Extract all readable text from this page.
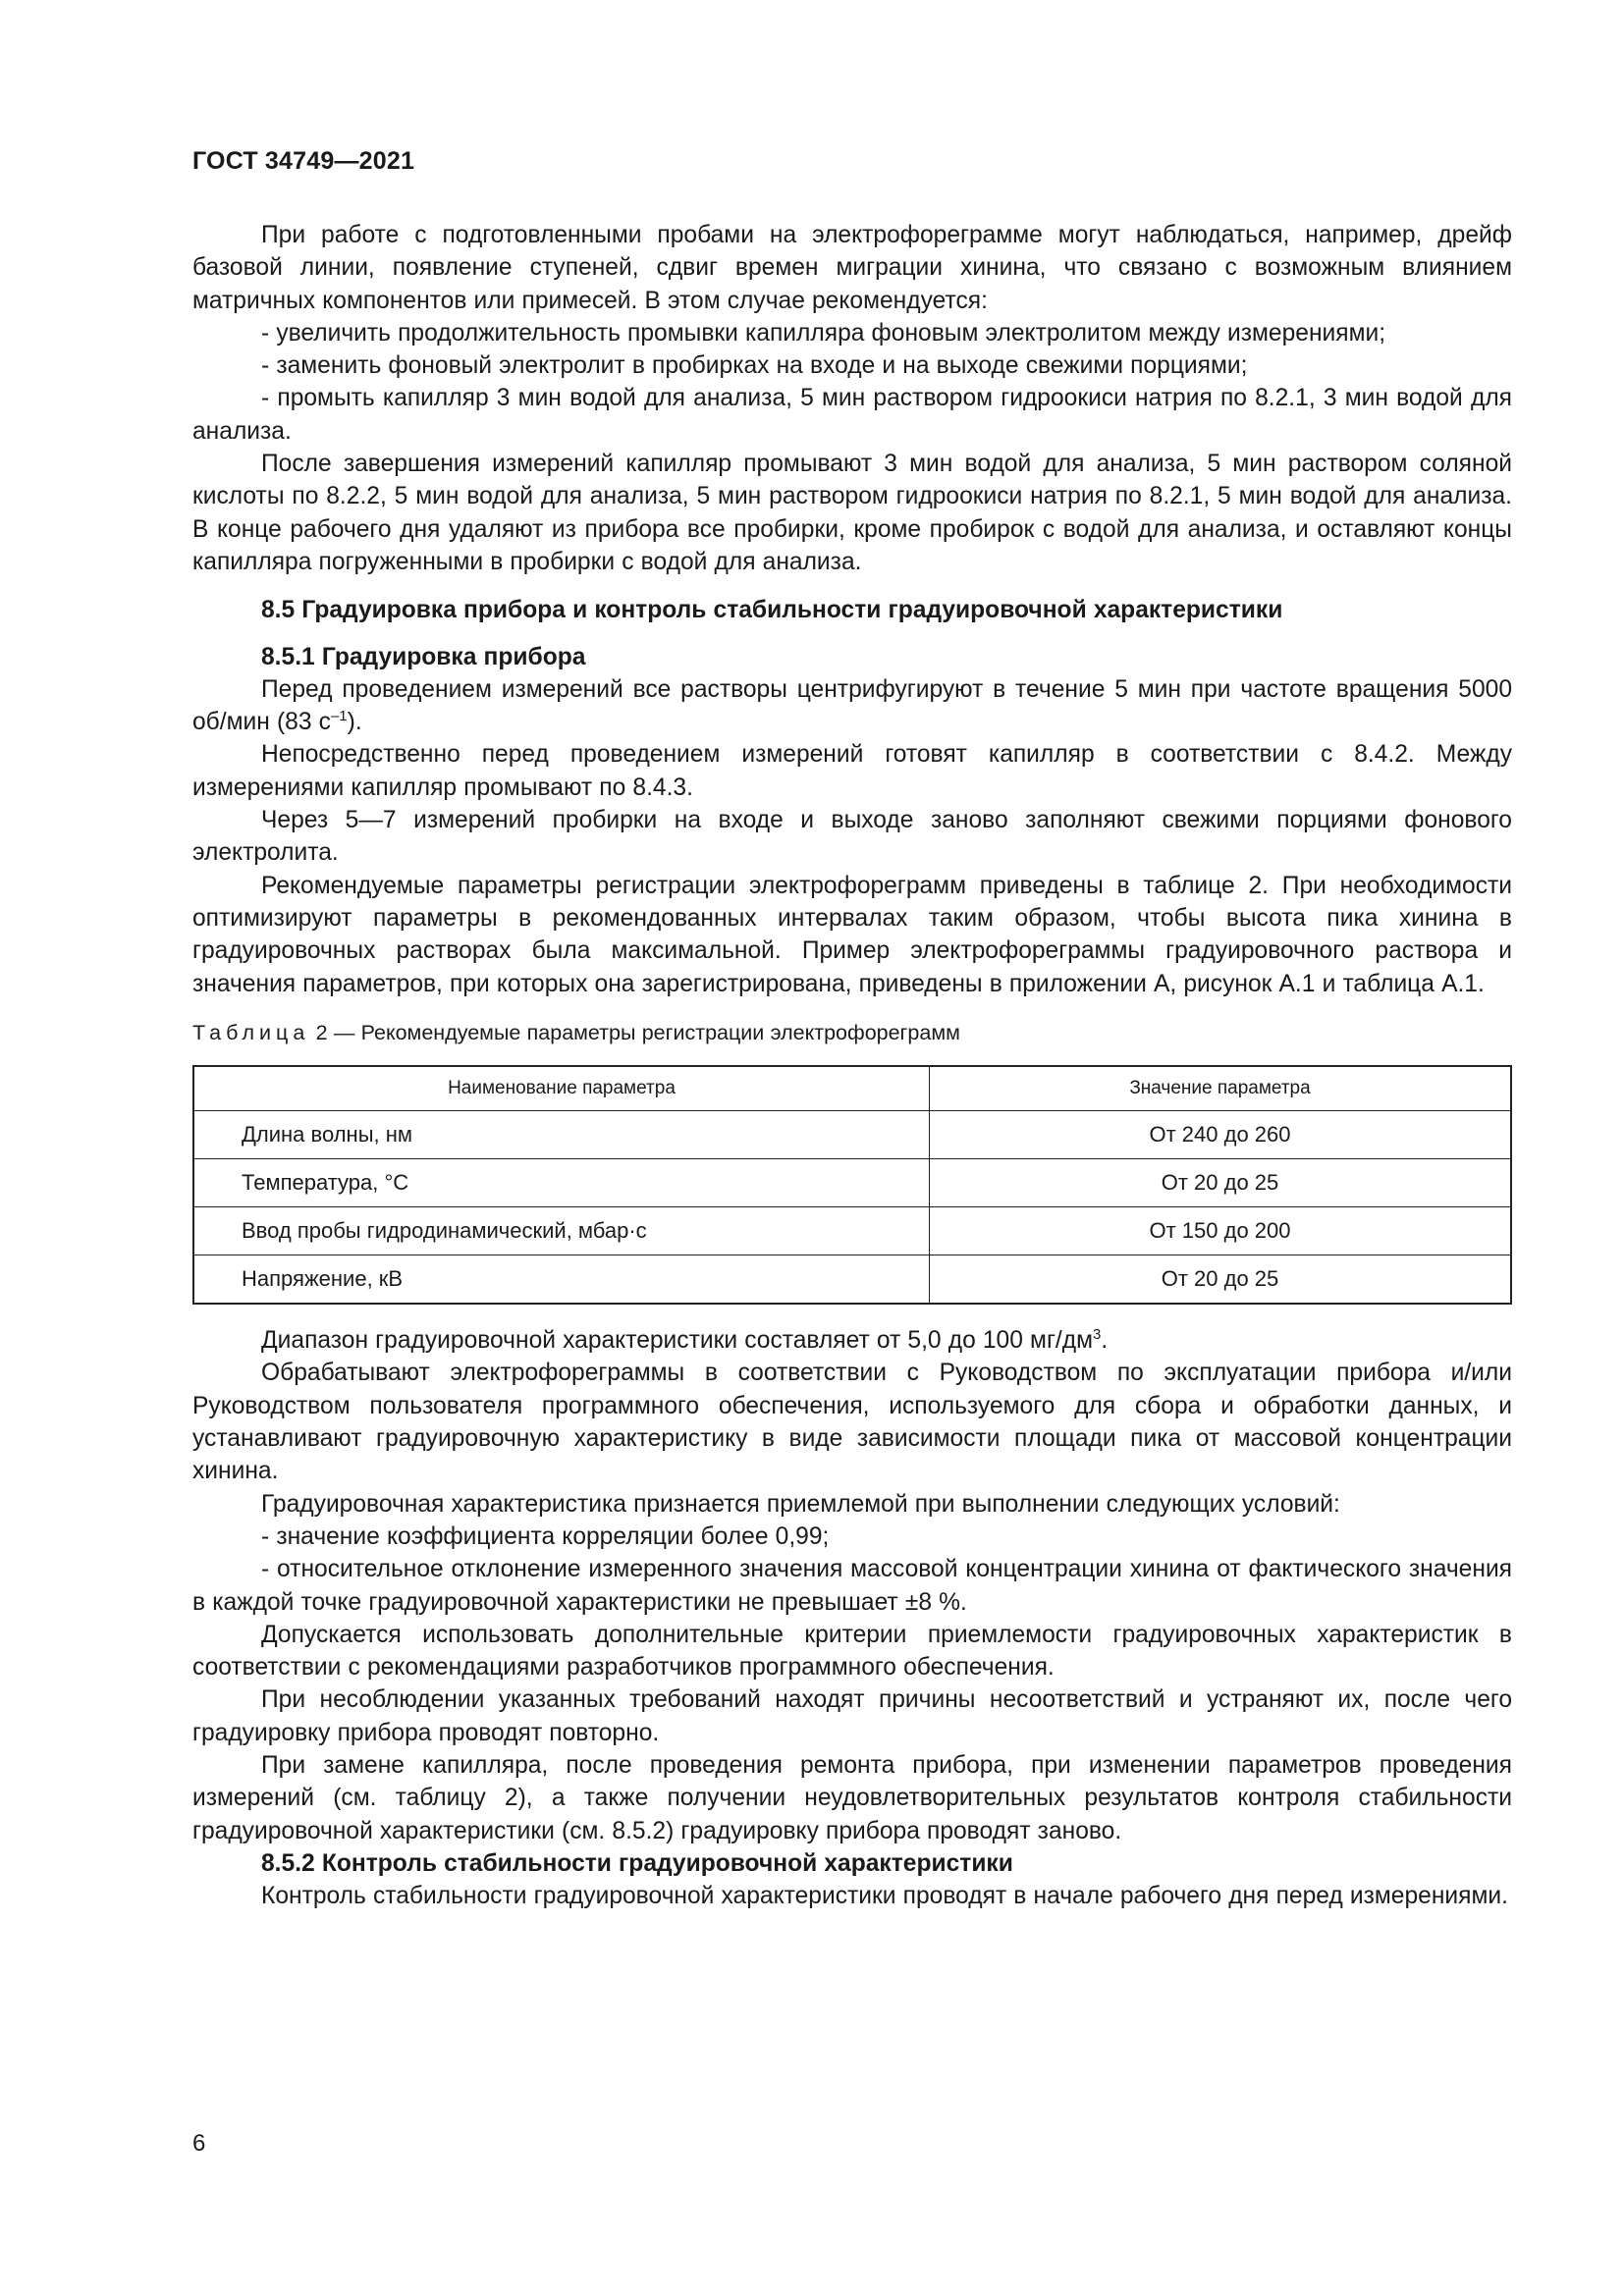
ГОСТ 34749—2021

При работе с подготовленными пробами на электрофореграмме могут наблюдаться, например, дрейф базовой линии, появление ступеней, сдвиг времен миграции хинина, что связано с возможным влиянием матричных компонентов или примесей. В этом случае рекомендуется:

- увеличить продолжительность промывки капилляра фоновым электролитом между измерениями;

- заменить фоновый электролит в пробирках на входе и на выходе свежими порциями;

- промыть капилляр 3 мин водой для анализа, 5 мин раствором гидроокиси натрия по 8.2.1, 3 мин водой для анализа.

После завершения измерений капилляр промывают 3 мин водой для анализа, 5 мин раствором соляной кислоты по 8.2.2, 5 мин водой для анализа, 5 мин раствором гидроокиси натрия по 8.2.1, 5 мин водой для анализа. В конце рабочего дня удаляют из прибора все пробирки, кроме пробирок с водой для анализа, и оставляют концы капилляра погруженными в пробирки с водой для анализа.

8.5 Градуировка прибора и контроль стабильности градуировочной характеристики

8.5.1 Градуировка прибора

Перед проведением измерений все растворы центрифугируют в течение 5 мин при частоте вращения 5000 об/мин (83 $с^{-1}$).

Непосредственно перед проведением измерений готовят капилляр в соответствии с 8.4.2. Между измерениями капилляр промывают по 8.4.3.

Через 5—7 измерений пробирки на входе и выходе заново заполняют свежими порциями фонового электролита.

Рекомендуемые параметры регистрации электрофореграмм приведены в таблице 2. При необходимости оптимизируют параметры в рекомендованных интервалах таким образом, чтобы высота пика хинина в градуировочных растворах была максимальной. Пример электрофореграммы градуировочного раствора и значения параметров, при которых она зарегистрирована, приведены в приложении А, рисунок А.1 и таблица А.1.

Таблица 2 — Рекомендуемые параметры регистрации электрофореграмм

Наименование параметра	Значение параметра
Длина волны, нм	От 240 до 260
Температура, °С	От 20 до 25
Ввод пробы гидродинамический, мбар·с	От 150 до 200
Напряжение, кВ	От 20 до 25

Диапазон градуировочной характеристики составляет от 5,0 до 100 $мг/дм^3$.

Обрабатывают электрофореграммы в соответствии с Руководством по эксплуатации прибора и/или Руководством пользователя программного обеспечения, используемого для сбора и обработки данных, и устанавливают градуировочную характеристику в виде зависимости площади пика от массовой концентрации хинина.

Градуировочная характеристика признается приемлемой при выполнении следующих условий:

- значение коэффициента корреляции более 0,99;

- относительное отклонение измеренного значения массовой концентрации хинина от фактического значения в каждой точке градуировочной характеристики не превышает ±8 %.

Допускается использовать дополнительные критерии приемлемости градуировочных характеристик в соответствии с рекомендациями разработчиков программного обеспечения.

При несоблюдении указанных требований находят причины несоответствий и устраняют их, после чего градуировку прибора проводят повторно.

При замене капилляра, после проведения ремонта прибора, при изменении параметров проведения измерений (см. таблицу 2), а также получении неудовлетворительных результатов контроля стабильности градуировочной характеристики (см. 8.5.2) градуировку прибора проводят заново.

8.5.2 Контроль стабильности градуировочной характеристики

Контроль стабильности градуировочной характеристики проводят в начале рабочего дня перед измерениями.

6
